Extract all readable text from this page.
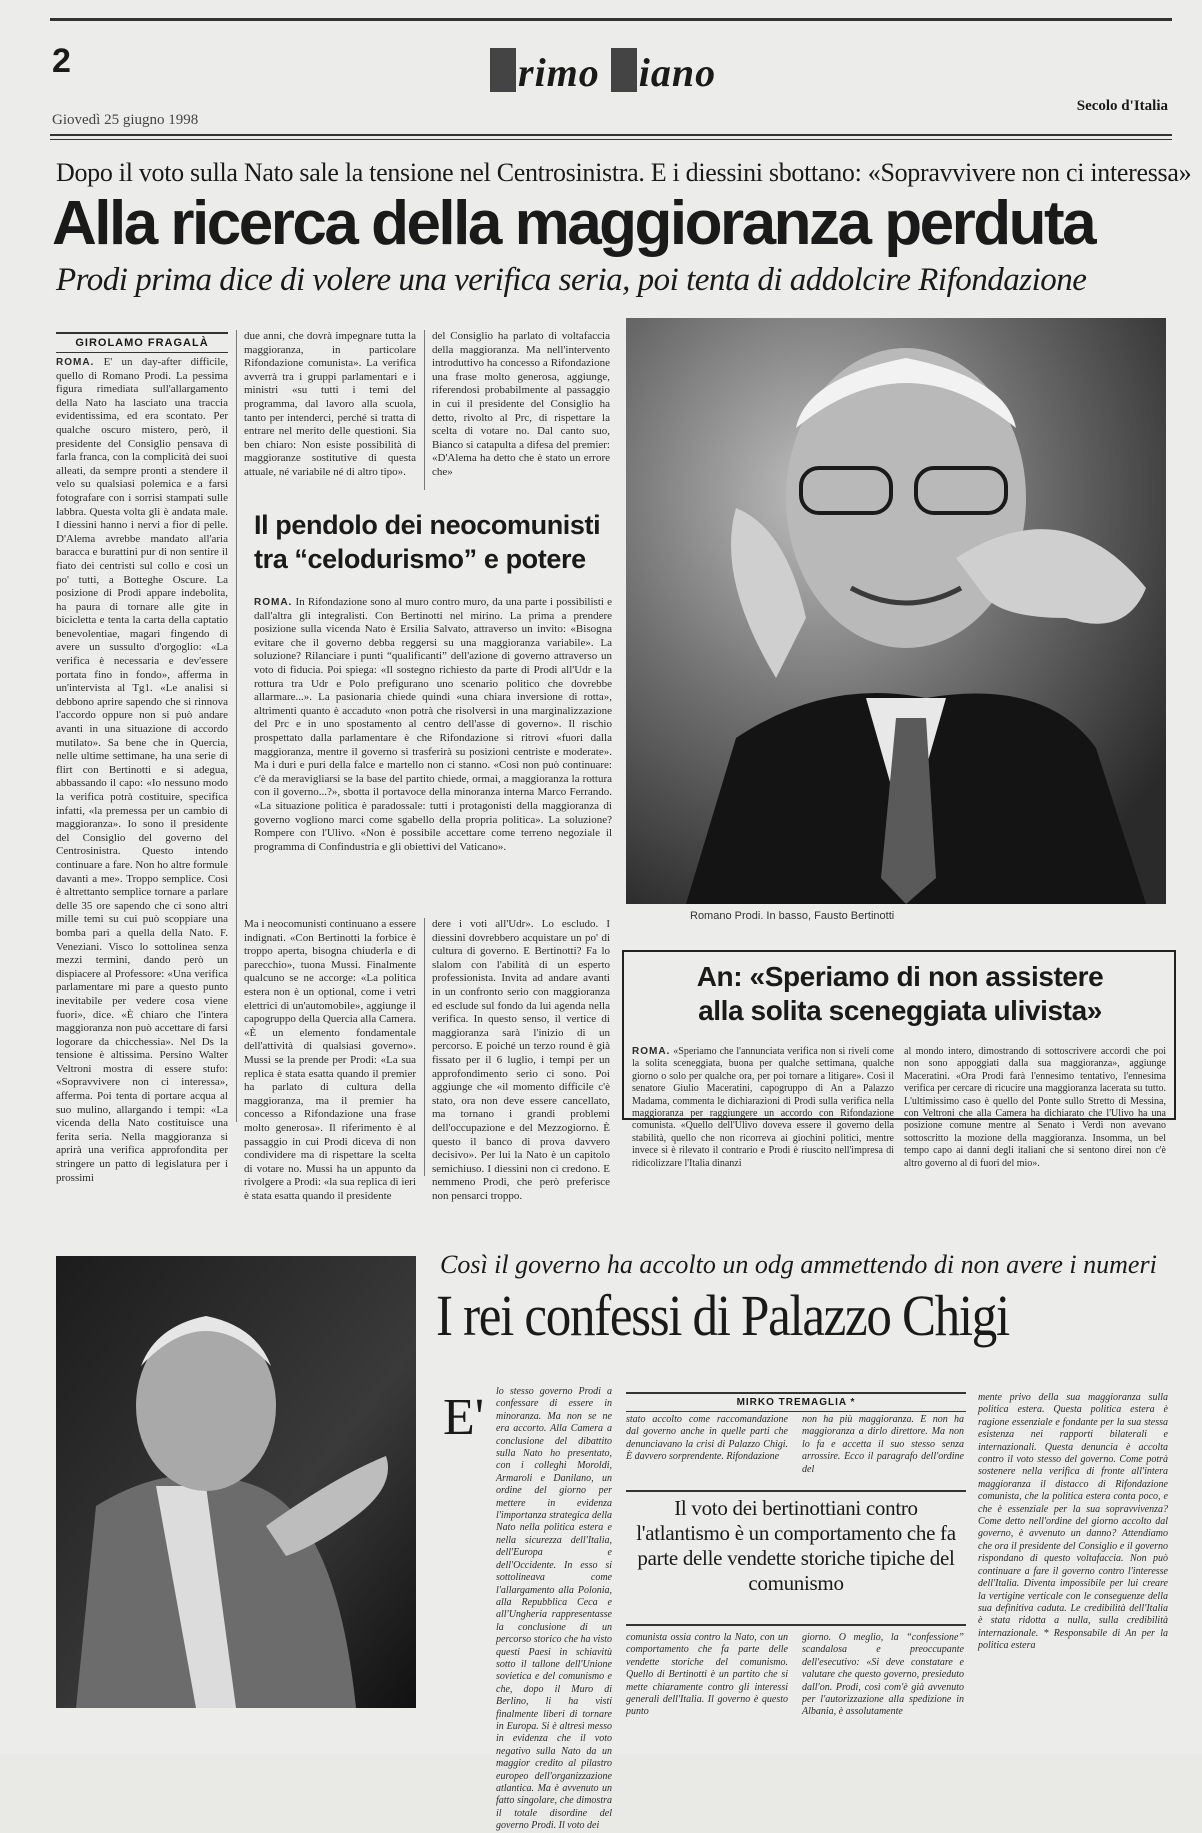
2	rimo iano
Giovedì 25 giugno 1998
Secolo d'Italia
Dopo il voto sulla Nato sale la tensione nel Centrosinistra. E i diessini sbottano: «Sopravvivere non ci interessa»
Alla ricerca della maggioranza perduta
Prodi prima dice di volere una verifica seria, poi tenta di addolcire Rifondazione
GIROLAMO FRAGALÀ
ROMA. E' un day-after difficile, quello di Romano Prodi. La pessima figura rimediata sull'allargamento della Nato ha lasciato una traccia evidentissima, ed era scontato. Per qualche oscuro mistero, però, il presidente del Consiglio pensava di farla franca, con la complicità dei suoi alleati, da sempre pronti a stendere il velo su qualsiasi polemica e a farsi fotografare con i sorrisi stampati sulle labbra. Questa volta gli è andata male. I diessini hanno i nervi a fior di pelle. D'Alema avrebbe mandato all'aria baracca e burattini pur di non sentire il fiato dei centristi sul collo e così un po' tutti, a Botteghe Oscure. La posizione di Prodi appare indebolita, ha paura di tornare alle gite in bicicletta e tenta la carta della captatio benevolentiae, magari fingendo di avere un sussulto d'orgoglio: «La verifica è necessaria e dev'essere portata fino in fondo», afferma in un'intervista al Tg1. «Le analisi si debbono aprire sapendo che si rinnova l'accordo oppure non si può andare avanti in una situazione di accordo mutilato». Sa bene che in Quercia, nelle ultime settimane, ha una serie di flirt con Bertinotti e si adegua, abbassando il capo: «Io nessuno modo la verifica potrà costituire, specifica infatti, «la premessa per un cambio di maggioranza». Io sono il presidente del Consiglio del governo del Centrosinistra. Questo intendo continuare a fare. Non ho altre formule davanti a me». Troppo semplice. Così è altrettanto semplice tornare a parlare delle 35 ore sapendo che ci sono altri mille temi su cui può scoppiare una bomba pari a quella della Nato. F. Veneziani. Visco lo sottolinea senza mezzi termini, dando però un dispiacere al Professore: «Una verifica parlamentare mi pare a questo punto inevitabile per vedere cosa viene fuori», dice. «È chiaro che l'intera maggioranza non può accettare di farsi logorare da chicchessia». Nel Ds la tensione è altissima. Persino Walter Veltroni mostra di essere stufo: «Sopravvivere non ci interessa», afferma. Poi tenta di portare acqua al suo mulino, allargando i tempi: «La vicenda della Nato costituisce una ferita seria. Nella maggioranza si aprirà una verifica approfondita per stringere un patto di legislatura per i prossimi
due anni, che dovrà impegnare tutta la maggioranza, in particolare Rifondazione comunista». La verifica avverrà tra i gruppi parlamentari e i ministri «su tutti i temi del programma, dal lavoro alla scuola, tanto per intenderci, perché si tratta di entrare nel merito delle questioni. Sia ben chiaro: Non esiste possibilità di maggioranze sostitutive di questa attuale, né variabile né di altro tipo».
del Consiglio ha parlato di voltafaccia della maggioranza. Ma nell'intervento introduttivo ha concesso a Rifondazione una frase molto generosa, aggiunge, riferendosi probabilmente al passaggio in cui il presidente del Consiglio ha detto, rivolto al Prc, di rispettare la scelta di votare no. Dal canto suo, Bianco si catapulta a difesa del premier: «D'Alema ha detto che è stato un errore che»
Il pendolo dei neocomunisti
tra “celodurismo” e potere
ROMA. In Rifondazione sono al muro contro muro, da una parte i possibilisti e dall'altra gli integralisti. Con Bertinotti nel mirino. La prima a prendere posizione sulla vicenda Nato è Ersilia Salvato, attraverso un invito: «Bisogna evitare che il governo debba reggersi su una maggioranza variabile». La soluzione? Rilanciare i punti “qualificanti” dell'azione di governo attraverso un voto di fiducia. Poi spiega: «Il sostegno richiesto da parte di Prodi all'Udr e la rottura tra Udr e Polo prefigurano uno scenario politico che dovrebbe allarmare...». La pasionaria chiede quindi «una chiara inversione di rotta», altrimenti quanto è accaduto «non potrà che risolversi in una marginalizzazione del Prc e in uno spostamento al centro dell'asse di governo». Il rischio prospettato dalla parlamentare è che Rifondazione si ritrovi «fuori dalla maggioranza, mentre il governo si trasferirà su posizioni centriste e moderate». Ma i duri e puri della falce e martello non ci stanno. «Così non può continuare: c'è da meravigliarsi se la base del partito chiede, ormai, a maggioranza la rottura con il governo...?», sbotta il portavoce della minoranza interna Marco Ferrando. «La situazione politica è paradossale: tutti i protagonisti della maggioranza di governo vogliono marci come sgabello della propria politica». La soluzione? Rompere con l'Ulivo. «Non è possibile accettare come terreno negoziale il programma di Confindustria e gli obiettivi del Vaticano».
Romano Prodi. In basso, Fausto Bertinotti
Ma i neocomunisti continuano a essere indignati. «Con Bertinotti la forbice è troppo aperta, bisogna chiuderla e di parecchio», tuona Mussi. Finalmente qualcuno se ne accorge: «La politica estera non è un optional, come i vetri elettrici di un'automobile», aggiunge il capogruppo della Quercia alla Camera. «È un elemento fondamentale dell'attività di qualsiasi governo». Mussi se la prende per Prodi: «La sua replica è stata esatta quando il premier ha parlato di cultura della maggioranza, ma il premier ha concesso a Rifondazione una frase molto generosa». Il riferimento è al passaggio in cui Prodi diceva di non condividere ma di rispettare la scelta di votare no. Mussi ha un appunto da rivolgere a Prodi: «la sua replica di ieri è stata esatta quando il presidente
dere i voti all'Udr». Lo escludo. I diessini dovrebbero acquistare un po' di cultura di governo. E Bertinotti? Fa lo slalom con l'abilità di un esperto professionista. Invita ad andare avanti in un confronto serio con maggioranza ed esclude sul fondo da lui agenda nella verifica. In questo senso, il vertice di maggioranza sarà l'inizio di un percorso. E poiché un terzo round è già fissato per il 6 luglio, i tempi per un approfondimento serio ci sono. Poi aggiunge che «il momento difficile c'è stato, ora non deve essere cancellato, ma tornano i grandi problemi dell'occupazione e del Mezzogiorno. È questo il banco di prova davvero decisivo». Per lui la Nato è un capitolo semichiuso. I diessini non ci credono. E nemmeno Prodi, che però preferisce non pensarci troppo.
An: «Speriamo di non assistere
alla solita sceneggiata ulivista»
ROMA. «Speriamo che l'annunciata verifica non si riveli come la solita sceneggiata, buona per qualche settimana, qualche giorno o solo per qualche ora, per poi tornare a litigare». Così il senatore Giulio Maceratini, capogruppo di An a Palazzo Madama, commenta le dichiarazioni di Prodi sulla verifica nella maggioranza per raggiungere un accordo con Rifondazione comunista. «Quello dell'Ulivo doveva essere il governo della stabilità, quello che non ricorreva ai giochini politici, mentre invece si è rilevato il contrario e Prodi è riuscito nell'impresa di ridicolizzare l'Italia dinanzi
al mondo intero, dimostrando di sottoscrivere accordi che poi non sono appoggiati dalla sua maggioranza», aggiunge Maceratini. «Ora Prodi farà l'ennesimo tentativo, l'ennesima verifica per cercare di ricucire una maggioranza lacerata su tutto. L'ultimissimo caso è quello del Ponte sullo Stretto di Messina, con Veltroni che alla Camera ha dichiarato che l'Ulivo ha una posizione comune mentre al Senato i Verdi non avevano sottoscritto la mozione della maggioranza. Insomma, un bel tempo capo ai danni degli italiani che si sentono direi non c'è altro governo al di fuori del mio».
Così il governo ha accolto un odg ammettendo di non avere i numeri
I rei confessi di Palazzo Chigi
E' lo stesso governo Prodi a confessare di essere in minoranza. Ma non se ne era accorto. Alla Camera a conclusione del dibattito sulla Nato ho presentato, con i colleghi Moroldi, Armaroli e Danilano, un ordine del giorno per mettere in evidenza l'importanza strategica della Nato nella politica estera e nella sicurezza dell'Italia, dell'Europa e dell'Occidente. In esso si sottolineava come l'allargamento alla Polonia, alla Repubblica Ceca e all'Ungheria rappresentasse la conclusione di un percorso storico che ha visto questi Paesi in schiavitù sotto il tallone dell'Unione sovietica e del comunismo e che, dopo il Muro di Berlino, li ha visti finalmente liberi di tornare in Europa. Si è altresì messo in evidenza che il voto negativo sulla Nato da un maggior credito al pilastro europeo dell'organizzazione atlantica. Ma è avvenuto un fatto singolare, che dimostra il totale disordine del governo Prodi. Il voto dei
MIRKO TREMAGLIA *
stato accolto come raccomandazione dal governo anche in quelle parti che denunciavano la crisi di Palazzo Chigi. È davvero sorprendente. Rifondazione
non ha più maggioranza. E non ha maggioranza a dirlo direttore. Ma non lo fa e accetta il suo stesso senza arrossire. Ecco il paragrafo dell'ordine del
Il voto dei bertinottiani contro l'atlantismo è un comportamento che fa parte delle vendette storiche tipiche del comunismo
comunista ossia contro la Nato, con un comportamento che fa parte delle vendette storiche del comunismo. Quello di Bertinotti è un partito che si mette chiaramente contro gli interessi generali dell'Italia. Il governo è questo punto
giorno. O meglio, la “confessione” scandalosa e preoccupante dell'esecutivo: «Si deve constatare e valutare che questo governo, presieduto dall'on. Prodi, così com'è già avvenuto per l'autorizzazione alla spedizione in Albania, è assolutamente
mente privo della sua maggioranza sulla politica estera. Questa politica estera è ragione essenziale e fondante per la sua stessa esistenza nei rapporti bilaterali e internazionali. Questa denuncia è accolta contro il voto stesso del governo. Come potrà sostenere nella verifica di fronte all'intera maggioranza il distacco di Rifondazione comunista, che la politica estera conta poco, e che è essenziale per la sua sopravvivenza? Come detto nell'ordine del giorno accolto dal governo, è avvenuto un danno? Attendiamo che ora il presidente del Consiglio e il governo rispondano di questo voltafaccia. Non può continuare a fare il governo contro l'interesse dell'Italia. Diventa impossibile per lui creare la vertigine verticale con le conseguenze della sua definitiva caduta. Le credibilità dell'Italia è stata ridotta a nulla, sulla credibilità internazionale. * Responsabile di An per la politica estera
